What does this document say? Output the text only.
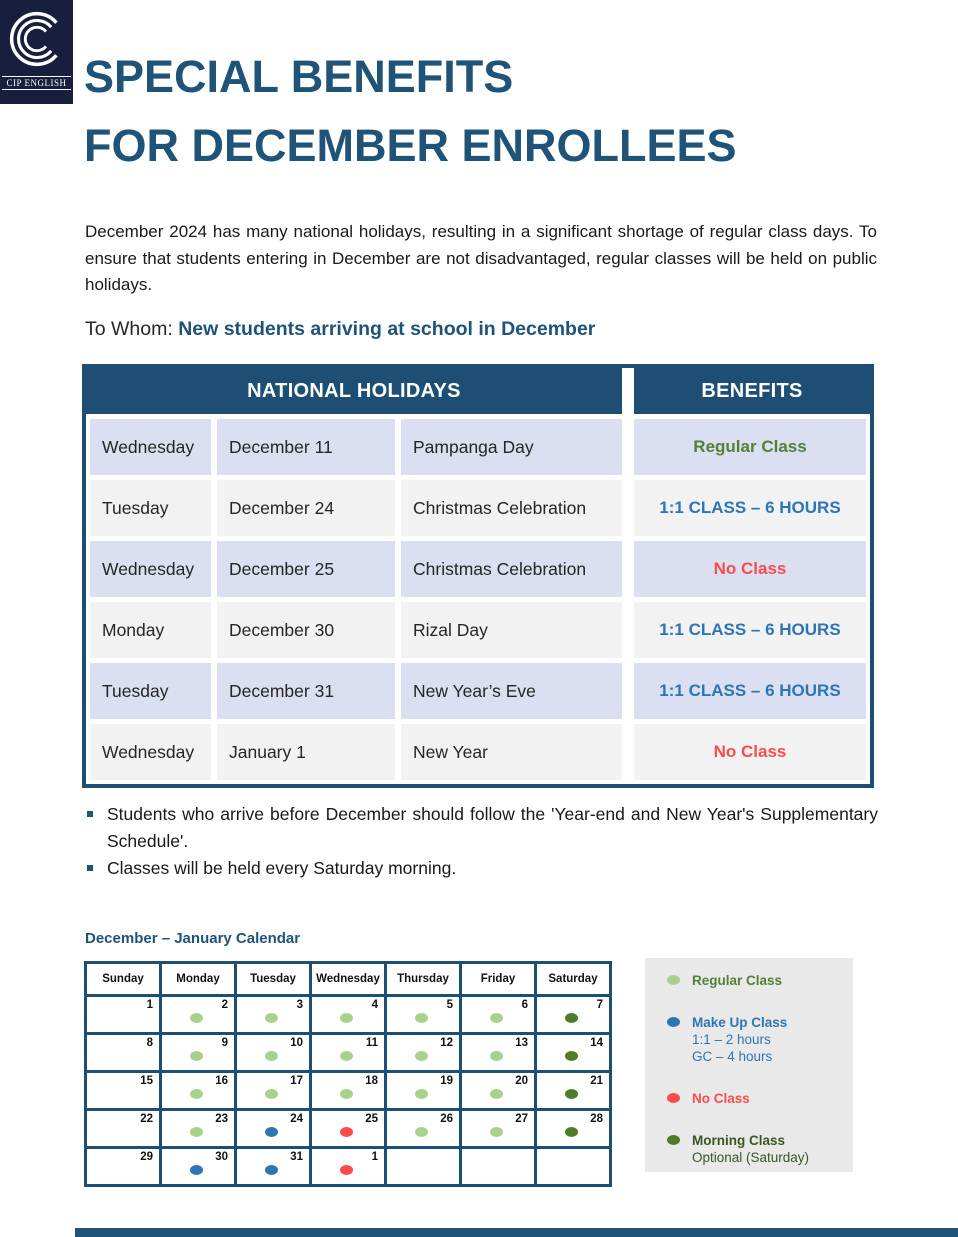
CIP ENGLISH SPECIAL BENEFITS
FOR DECEMBER ENROLLEES

December 2024 has many national holidays, resulting in a significant shortage of regular class days. To ensure that students entering in December are not disadvantaged, regular classes will be held on public holidays.

To Whom: New students arriving at school in December
NATIONAL HOLIDAYS	BENEFITS
Wednesday	December 11	Pampanga Day	Regular Class
Tuesday	December 24	Christmas Celebration	1:1 CLASS – 6 HOURS
Wednesday	December 25	Christmas Celebration	No Class
Monday	December 30	Rizal Day	1:1 CLASS – 6 HOURS
Tuesday	December 31	New Year’s Eve	1:1 CLASS – 6 HOURS
Wednesday	January 1	New Year	No Class
Students who arrive before December should follow the 'Year-end and New Year's Supplementary Schedule'.
Classes will be held every Saturday morning.
December – January Calendar
Sunday	Monday	Tuesday	Wednesday	Thursday	Friday	Saturday
1	2	3	4	5	6	7

8	9	10	11	12	13	14

15	16	17	18	19	20	21

22	23	24	25	26	27	28

29	30	31	1

Regular Class
Make Up Class
1:1 – 2 hours
GC – 4 hours
No Class
Morning Class
Optional (Saturday)
